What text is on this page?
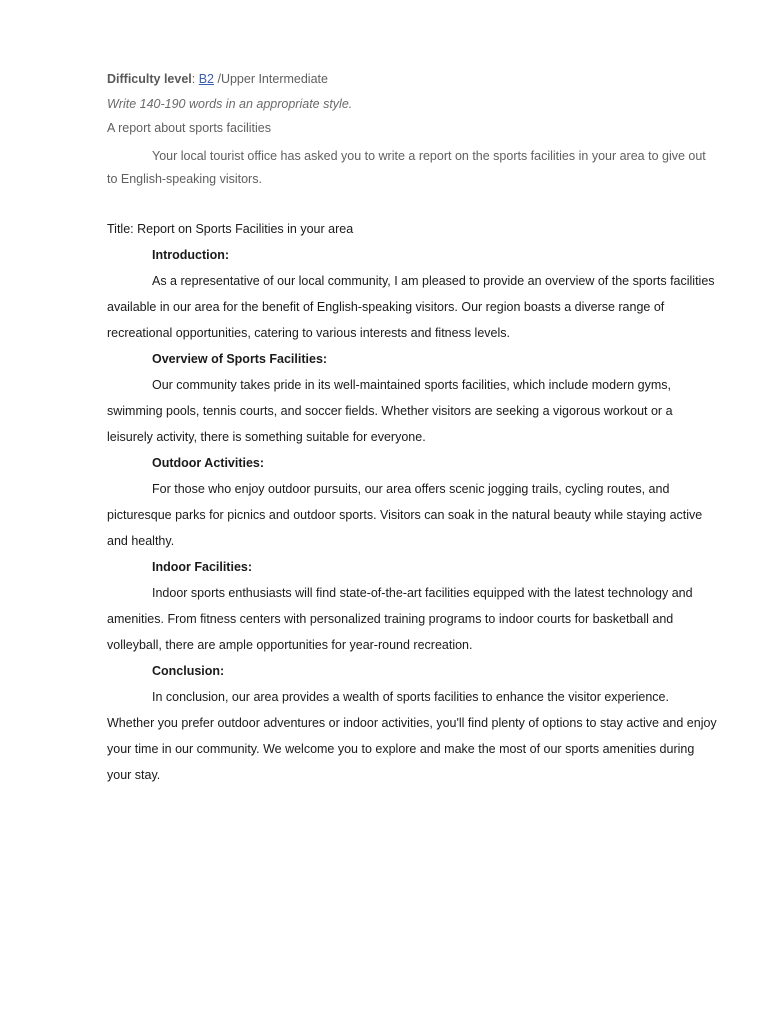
Difficulty level: B2 /Upper Intermediate
Write 140-190 words in an appropriate style.
A report about sports facilities
Your local tourist office has asked you to write a report on the sports facilities in your area to give out to English-speaking visitors.

Title: Report on Sports Facilities in your area

Introduction:

As a representative of our local community, I am pleased to provide an overview of the sports facilities available in our area for the benefit of English-speaking visitors. Our region boasts a diverse range of recreational opportunities, catering to various interests and fitness levels.

Overview of Sports Facilities:

Our community takes pride in its well-maintained sports facilities, which include modern gyms, swimming pools, tennis courts, and soccer fields. Whether visitors are seeking a vigorous workout or a leisurely activity, there is something suitable for everyone.

Outdoor Activities:

For those who enjoy outdoor pursuits, our area offers scenic jogging trails, cycling routes, and picturesque parks for picnics and outdoor sports. Visitors can soak in the natural beauty while staying active and healthy.

Indoor Facilities:

Indoor sports enthusiasts will find state-of-the-art facilities equipped with the latest technology and amenities. From fitness centers with personalized training programs to indoor courts for basketball and volleyball, there are ample opportunities for year-round recreation.

Conclusion:

In conclusion, our area provides a wealth of sports facilities to enhance the visitor experience. Whether you prefer outdoor adventures or indoor activities, you'll find plenty of options to stay active and enjoy your time in our community. We welcome you to explore and make the most of our sports amenities during your stay.
